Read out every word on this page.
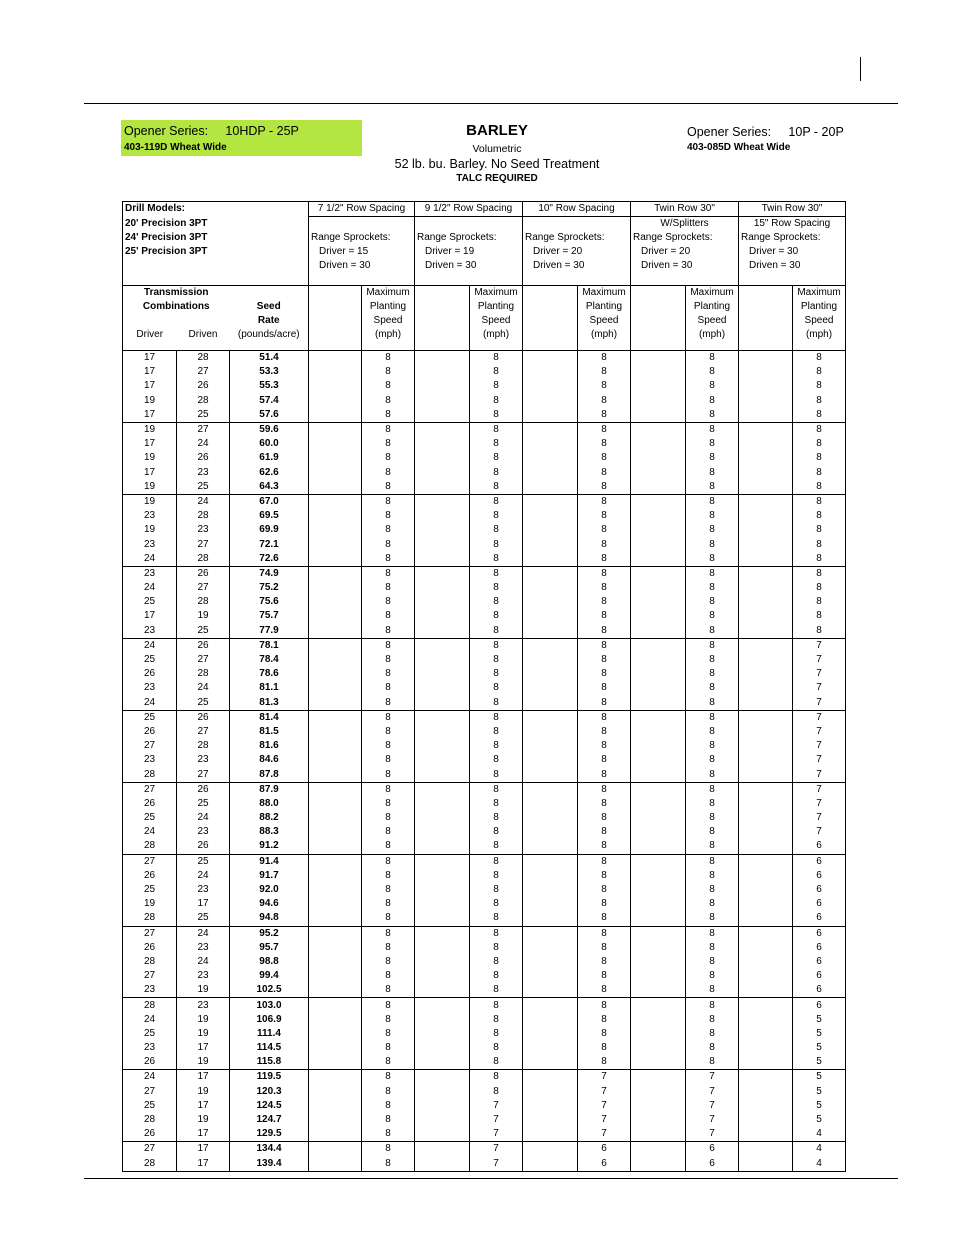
Opener Series:     10HDP - 25P
403-119D Wheat Wide
BARLEY
Volumetric
52 lb. bu. Barley. No Seed Treatment
TALC REQUIRED
Opener Series:     10P - 20P
403-085D Wheat Wide
Drill Models:			7 1/2" Row Spacing		9 1/2" Row Spacing		10" Row Spacing		Twin Row 30"		Twin Row 30"	
20' Precision 3PT									W/Splitters		15" Row Spacing	
24' Precision 3PT			Range Sprockets:		Range Sprockets:		Range Sprockets:		Range Sprockets:		Range Sprockets:	
25' Precision 3PT			Driver = 15		Driver = 19		Driver = 20		Driver = 20		Driver = 30	
			Driven = 30		Driven = 30		Driven = 30		Driven = 30		Driven = 30	

Transmission				Maximum		Maximum		Maximum		Maximum		Maximum
Combinations		Seed		Planting		Planting		Planting		Planting		Planting
		Rate		Speed		Speed		Speed		Speed		Speed
Driver	Driven	(pounds/acre)		(mph)		(mph)		(mph)		(mph)		(mph)

17	28	51.4		8		8		8		8		8
17	27	53.3		8		8		8		8		8
17	26	55.3		8		8		8		8		8
19	28	57.4		8		8		8		8		8
17	25	57.6		8		8		8		8		8
19	27	59.6		8		8		8		8		8
17	24	60.0		8		8		8		8		8
19	26	61.9		8		8		8		8		8
17	23	62.6		8		8		8		8		8
19	25	64.3		8		8		8		8		8
19	24	67.0		8		8		8		8		8
23	28	69.5		8		8		8		8		8
19	23	69.9		8		8		8		8		8
23	27	72.1		8		8		8		8		8
24	28	72.6		8		8		8		8		8
23	26	74.9		8		8		8		8		8
24	27	75.2		8		8		8		8		8
25	28	75.6		8		8		8		8		8
17	19	75.7		8		8		8		8		8
23	25	77.9		8		8		8		8		8
24	26	78.1		8		8		8		8		7
25	27	78.4		8		8		8		8		7
26	28	78.6		8		8		8		8		7
23	24	81.1		8		8		8		8		7
24	25	81.3		8		8		8		8		7
25	26	81.4		8		8		8		8		7
26	27	81.5		8		8		8		8		7
27	28	81.6		8		8		8		8		7
23	23	84.6		8		8		8		8		7
28	27	87.8		8		8		8		8		7
27	26	87.9		8		8		8		8		7
26	25	88.0		8		8		8		8		7
25	24	88.2		8		8		8		8		7
24	23	88.3		8		8		8		8		7
28	26	91.2		8		8		8		8		6
27	25	91.4		8		8		8		8		6
26	24	91.7		8		8		8		8		6
25	23	92.0		8		8		8		8		6
19	17	94.6		8		8		8		8		6
28	25	94.8		8		8		8		8		6
27	24	95.2		8		8		8		8		6
26	23	95.7		8		8		8		8		6
28	24	98.8		8		8		8		8		6
27	23	99.4		8		8		8		8		6
23	19	102.5		8		8		8		8		6
28	23	103.0		8		8		8		8		6
24	19	106.9		8		8		8		8		5
25	19	111.4		8		8		8		8		5
23	17	114.5		8		8		8		8		5
26	19	115.8		8		8		8		8		5
24	17	119.5		8		8		7		7		5
27	19	120.3		8		8		7		7		5
25	17	124.5		8		7		7		7		5
28	19	124.7		8		7		7		7		5
26	17	129.5		8		7		7		7		4
27	17	134.4		8		7		6		6		4
28	17	139.4		8		7		6		6		4
